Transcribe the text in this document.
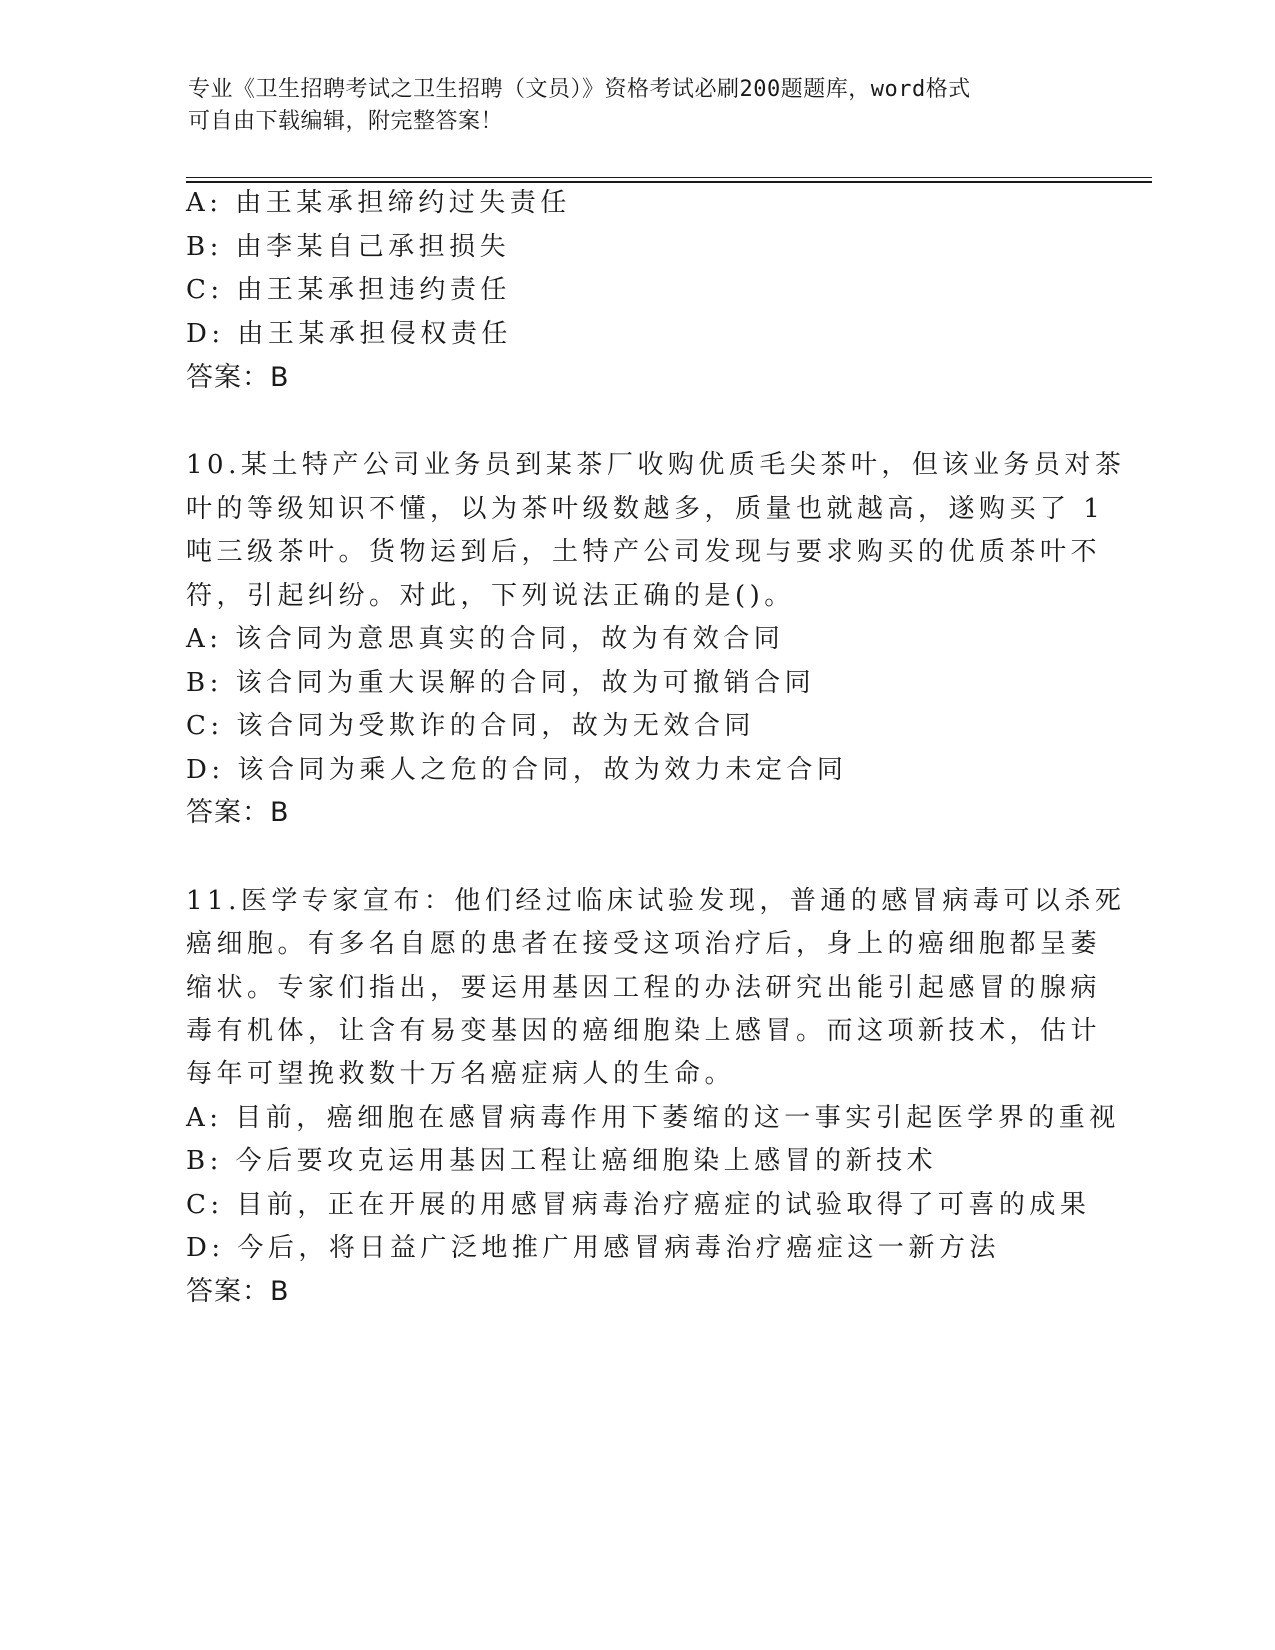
专业《卫生招聘考试之卫生招聘（文员）》资格考试必刷200题题库，word格式
可自由下载编辑，附完整答案！
A: 由王某承担缔约过失责任
B: 由李某自己承担损失
C: 由王某承担违约责任
D: 由王某承担侵权责任
答案：B
10.某土特产公司业务员到某茶厂收购优质毛尖茶叶，但该业务员对茶
叶的等级知识不懂，以为茶叶级数越多，质量也就越高，遂购买了 1
吨三级茶叶。货物运到后，土特产公司发现与要求购买的优质茶叶不
符，引起纠纷。对此，下列说法正确的是()。
A: 该合同为意思真实的合同，故为有效合同
B: 该合同为重大误解的合同，故为可撤销合同
C: 该合同为受欺诈的合同，故为无效合同
D: 该合同为乘人之危的合同，故为效力未定合同
答案：B
11.医学专家宣布：他们经过临床试验发现，普通的感冒病毒可以杀死
癌细胞。有多名自愿的患者在接受这项治疗后，身上的癌细胞都呈萎
缩状。专家们指出，要运用基因工程的办法研究出能引起感冒的腺病
毒有机体，让含有易变基因的癌细胞染上感冒。而这项新技术，估计
每年可望挽救数十万名癌症病人的生命。
A: 目前，癌细胞在感冒病毒作用下萎缩的这一事实引起医学界的重视
B: 今后要攻克运用基因工程让癌细胞染上感冒的新技术
C: 目前，正在开展的用感冒病毒治疗癌症的试验取得了可喜的成果
D: 今后，将日益广泛地推广用感冒病毒治疗癌症这一新方法
答案：B
